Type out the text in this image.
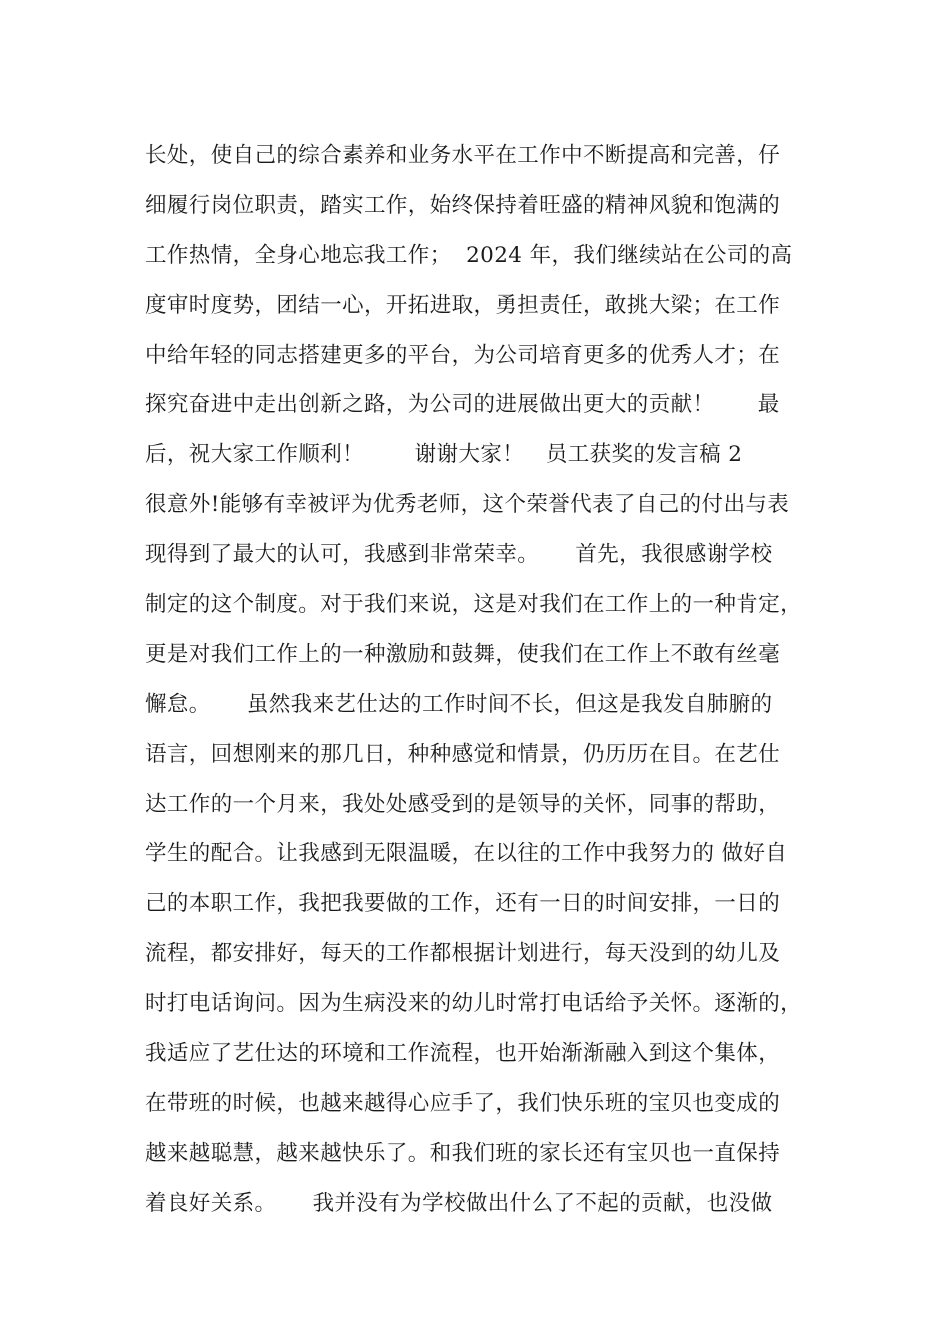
长处，使自己的综合素养和业务水平在工作中不断提高和完善，仔
细履行岗位职责，踏实工作，始终保持着旺盛的精神风貌和饱满的
工作热情，全身心地忘我工作；  2024 年，我们继续站在公司的高
度审时度势，团结一心，开拓进取，勇担责任，敢挑大梁；在工作
中给年轻的同志搭建更多的平台，为公司培育更多的优秀人才；在
探究奋进中走出创新之路，为公司的进展做出更大的贡献！      最
后，祝大家工作顺利！       谢谢大家！   员工获奖的发言稿 2
很意外!能够有幸被评为优秀老师，这个荣誉代表了自己的付出与表
现得到了最大的认可，我感到非常荣幸。     首先，我很感谢学校
制定的这个制度。对于我们来说，这是对我们在工作上的一种肯定，
更是对我们工作上的一种激励和鼓舞，使我们在工作上不敢有丝毫
懈怠。     虽然我来艺仕达的工作时间不长，但这是我发自肺腑的
语言，回想刚来的那几日，种种感觉和情景，仍历历在目。在艺仕
达工作的一个月来，我处处感受到的是领导的关怀，同事的帮助，
学生的配合。让我感到无限温暖，在以往的工作中我努力的 做好自
己的本职工作，我把我要做的工作，还有一日的时间安排，一日的
流程，都安排好，每天的工作都根据计划进行，每天没到的幼儿及
时打电话询问。因为生病没来的幼儿时常打电话给予关怀。逐渐的，
我适应了艺仕达的环境和工作流程，也开始渐渐融入到这个集体，
在带班的时候，也越来越得心应手了，我们快乐班的宝贝也变成的
越来越聪慧，越来越快乐了。和我们班的家长还有宝贝也一直保持
着良好关系。     我并没有为学校做出什么了不起的贡献，也没做
